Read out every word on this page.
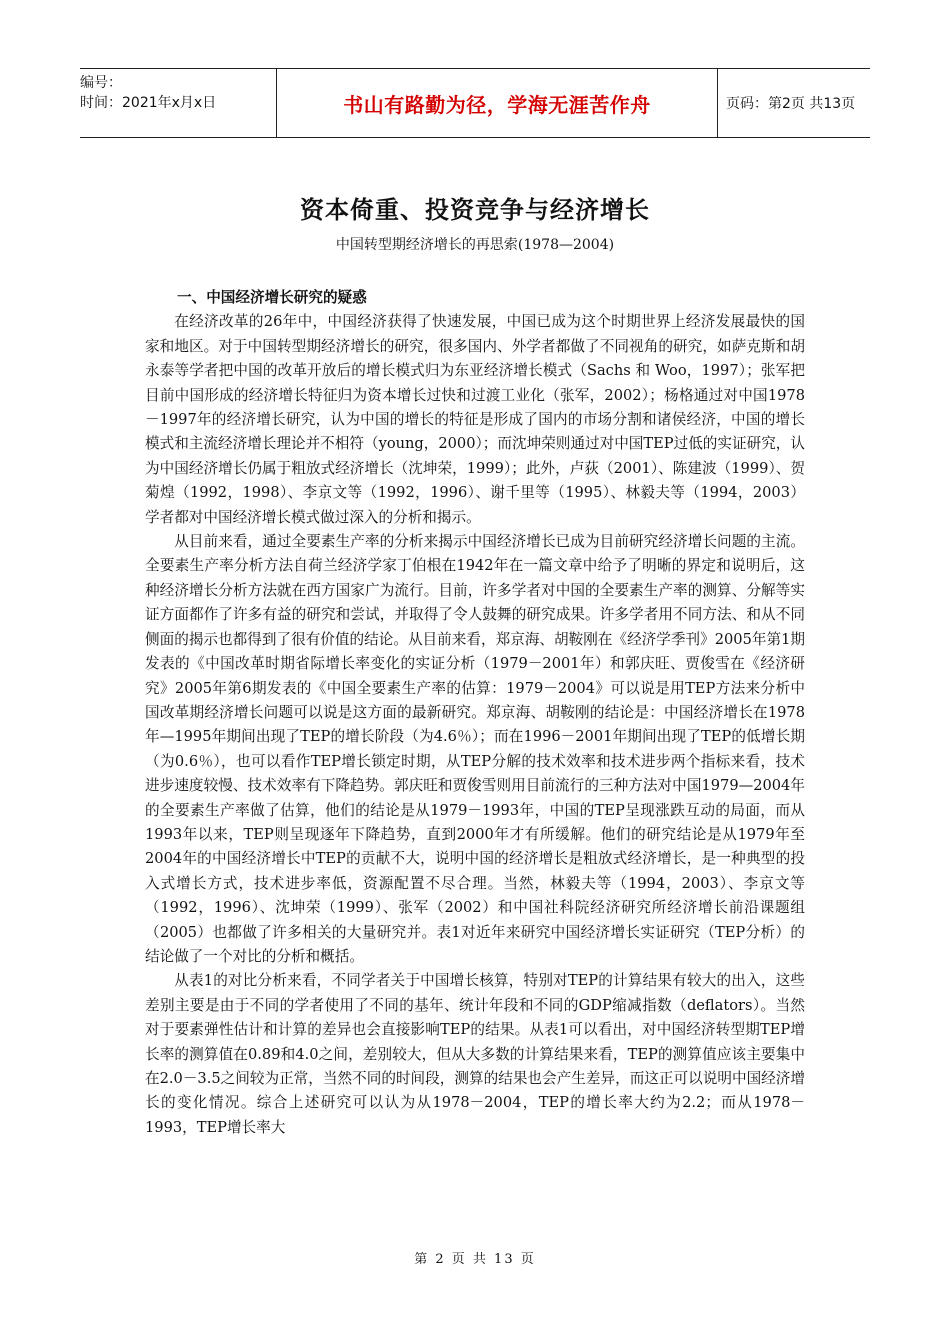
编号：
时间：2021年x月x日	书山有路勤为径，学海无涯苦作舟	页码：第2页 共13页
资本倚重、投资竞争与经济增长
中国转型期经济增长的再思索(1978—2004)
一、中国经济增长研究的疑惑

在经济改革的26年中，中国经济获得了快速发展，中国已成为这个时期世界上经济发展最快的国家和地区。对于中国转型期经济增长的研究，很多国内、外学者都做了不同视角的研究，如萨克斯和胡永泰等学者把中国的改革开放后的增长模式归为东亚经济增长模式（Sachs 和 Woo，1997）；张军把目前中国形成的经济增长特征归为资本增长过快和过渡工业化（张军，2002）；杨格通过对中国1978－1997年的经济增长研究，认为中国的增长的特征是形成了国内的市场分割和诸侯经济，中国的增长模式和主流经济增长理论并不相符（young，2000）；而沈坤荣则通过对中国TEP过低的实证研究，认为中国经济增长仍属于粗放式经济增长（沈坤荣，1999）；此外，卢荻（2001）、陈建波（1999）、贺菊煌（1992，1998）、李京文等（1992，1996）、谢千里等（1995）、林毅夫等（1994，2003）学者都对中国经济增长模式做过深入的分析和揭示。

从目前来看，通过全要素生产率的分析来揭示中国经济增长已成为目前研究经济增长问题的主流。全要素生产率分析方法自荷兰经济学家丁伯根在1942年在一篇文章中给予了明晰的界定和说明后，这种经济增长分析方法就在西方国家广为流行。目前，许多学者对中国的全要素生产率的测算、分解等实证方面都作了许多有益的研究和尝试，并取得了令人鼓舞的研究成果。许多学者用不同方法、和从不同侧面的揭示也都得到了很有价值的结论。从目前来看，郑京海、胡鞍刚在《经济学季刊》2005年第1期发表的《中国改革时期省际增长率变化的实证分析（1979－2001年）和郭庆旺、贾俊雪在《经济研究》2005年第6期发表的《中国全要素生产率的估算：1979－2004》可以说是用TEP方法来分析中国改革期经济增长问题可以说是这方面的最新研究。郑京海、胡鞍刚的结论是：中国经济增长在1978年—1995年期间出现了TEP的增长阶段（为4.6％）；而在1996－2001年期间出现了TEP的低增长期（为0.6％），也可以看作TEP增长锁定时期，从TEP分解的技术效率和技术进步两个指标来看，技术进步速度较慢、技术效率有下降趋势。郭庆旺和贾俊雪则用目前流行的三种方法对中国1979—2004年的全要素生产率做了估算，他们的结论是从1979－1993年，中国的TEP呈现涨跌互动的局面，而从1993年以来，TEP则呈现逐年下降趋势，直到2000年才有所缓解。他们的研究结论是从1979年至2004年的中国经济增长中TEP的贡献不大，说明中国的经济增长是粗放式经济增长，是一种典型的投入式增长方式，技术进步率低，资源配置不尽合理。当然，林毅夫等（1994，2003）、李京文等（1992，1996）、沈坤荣（1999）、张军（2002）和中国社科院经济研究所经济增长前沿课题组（2005）也都做了许多相关的大量研究并。表1对近年来研究中国经济增长实证研究（TEP分析）的结论做了一个对比的分析和概括。

从表1的对比分析来看，不同学者关于中国增长核算，特别对TEP的计算结果有较大的出入，这些差别主要是由于不同的学者使用了不同的基年、统计年段和不同的GDP缩减指数（deflators）。当然对于要素弹性估计和计算的差异也会直接影响TEP的结果。从表1可以看出，对中国经济转型期TEP增长率的测算值在0.89和4.0之间，差别较大，但从大多数的计算结果来看，TEP的测算值应该主要集中在2.0－3.5之间较为正常，当然不同的时间段，测算的结果也会产生差异，而这正可以说明中国经济增长的变化情况。综合上述研究可以认为从1978－2004，TEP的增长率大约为2.2；而从1978－1993，TEP增长率大

第 2 页 共 13 页
